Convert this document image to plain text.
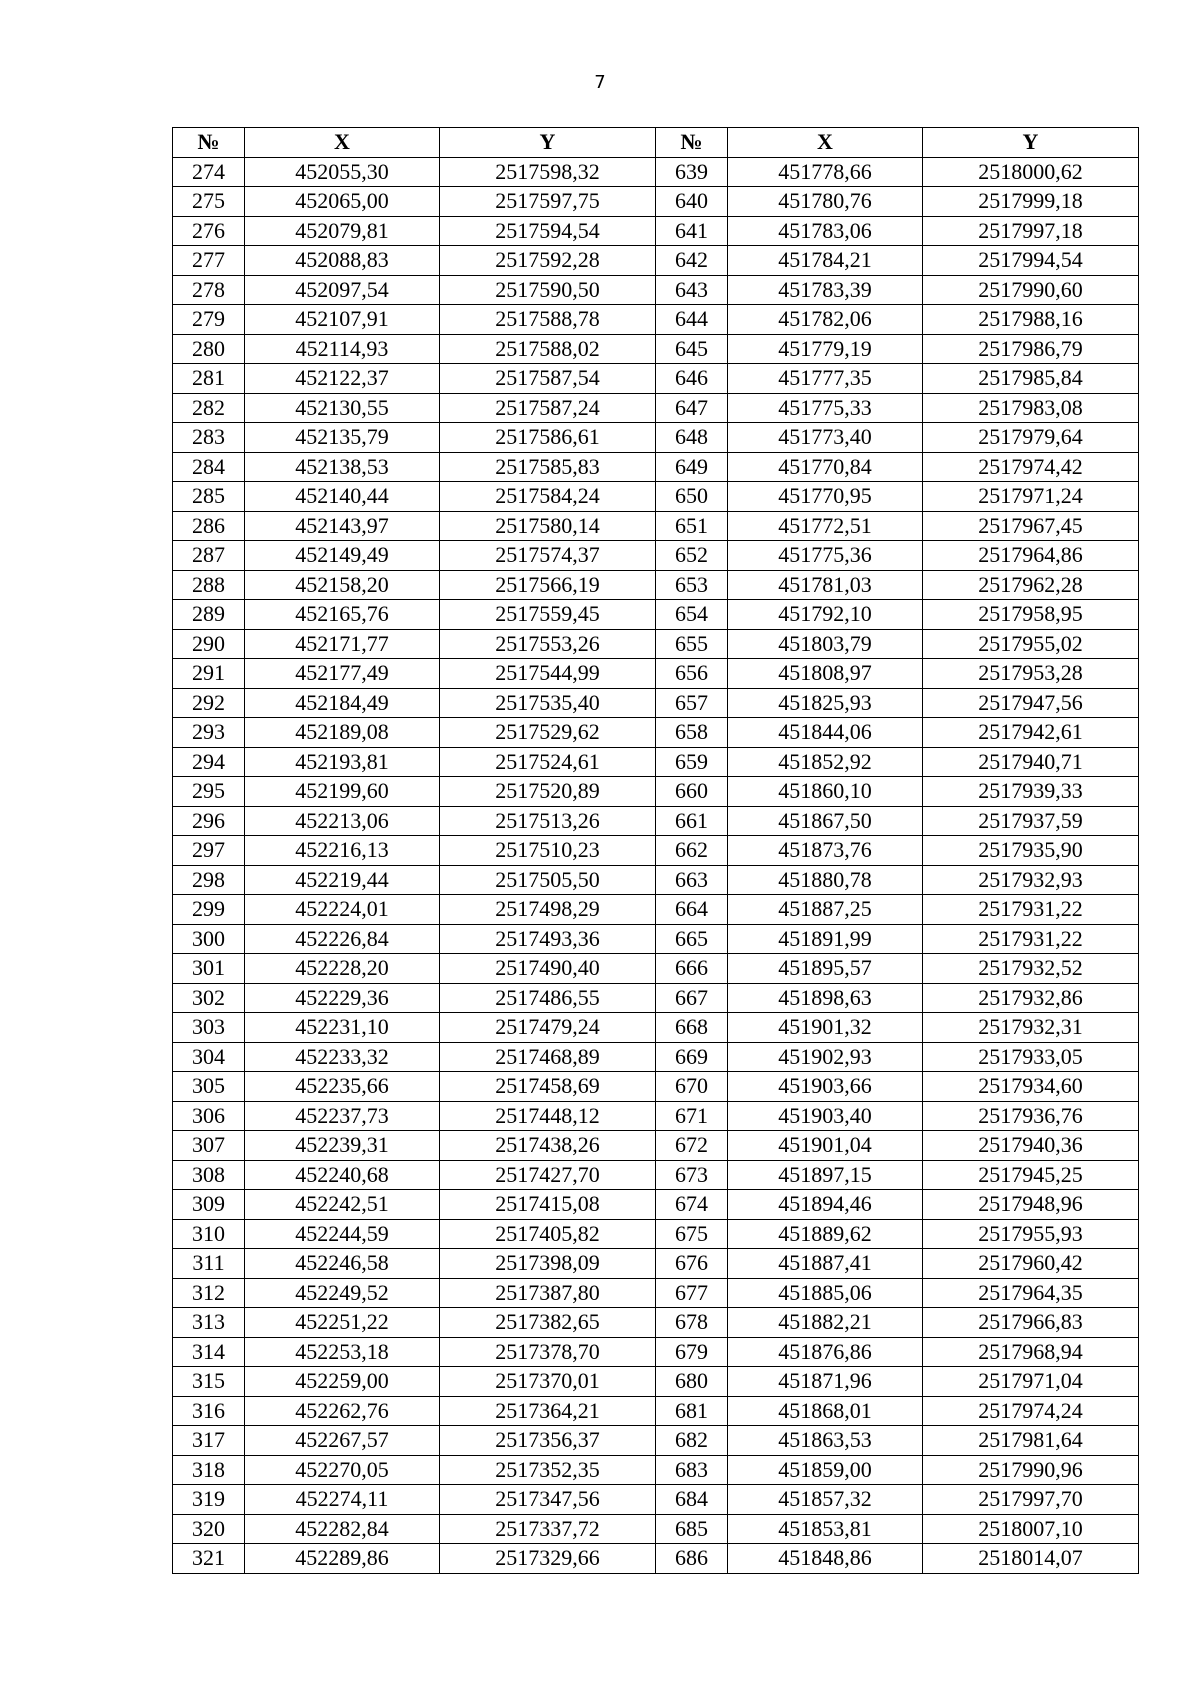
7
№	X	Y	№	X	Y
274	452055,30	2517598,32	639	451778,66	2518000,62
275	452065,00	2517597,75	640	451780,76	2517999,18
276	452079,81	2517594,54	641	451783,06	2517997,18
277	452088,83	2517592,28	642	451784,21	2517994,54
278	452097,54	2517590,50	643	451783,39	2517990,60
279	452107,91	2517588,78	644	451782,06	2517988,16
280	452114,93	2517588,02	645	451779,19	2517986,79
281	452122,37	2517587,54	646	451777,35	2517985,84
282	452130,55	2517587,24	647	451775,33	2517983,08
283	452135,79	2517586,61	648	451773,40	2517979,64
284	452138,53	2517585,83	649	451770,84	2517974,42
285	452140,44	2517584,24	650	451770,95	2517971,24
286	452143,97	2517580,14	651	451772,51	2517967,45
287	452149,49	2517574,37	652	451775,36	2517964,86
288	452158,20	2517566,19	653	451781,03	2517962,28
289	452165,76	2517559,45	654	451792,10	2517958,95
290	452171,77	2517553,26	655	451803,79	2517955,02
291	452177,49	2517544,99	656	451808,97	2517953,28
292	452184,49	2517535,40	657	451825,93	2517947,56
293	452189,08	2517529,62	658	451844,06	2517942,61
294	452193,81	2517524,61	659	451852,92	2517940,71
295	452199,60	2517520,89	660	451860,10	2517939,33
296	452213,06	2517513,26	661	451867,50	2517937,59
297	452216,13	2517510,23	662	451873,76	2517935,90
298	452219,44	2517505,50	663	451880,78	2517932,93
299	452224,01	2517498,29	664	451887,25	2517931,22
300	452226,84	2517493,36	665	451891,99	2517931,22
301	452228,20	2517490,40	666	451895,57	2517932,52
302	452229,36	2517486,55	667	451898,63	2517932,86
303	452231,10	2517479,24	668	451901,32	2517932,31
304	452233,32	2517468,89	669	451902,93	2517933,05
305	452235,66	2517458,69	670	451903,66	2517934,60
306	452237,73	2517448,12	671	451903,40	2517936,76
307	452239,31	2517438,26	672	451901,04	2517940,36
308	452240,68	2517427,70	673	451897,15	2517945,25
309	452242,51	2517415,08	674	451894,46	2517948,96
310	452244,59	2517405,82	675	451889,62	2517955,93
311	452246,58	2517398,09	676	451887,41	2517960,42
312	452249,52	2517387,80	677	451885,06	2517964,35
313	452251,22	2517382,65	678	451882,21	2517966,83
314	452253,18	2517378,70	679	451876,86	2517968,94
315	452259,00	2517370,01	680	451871,96	2517971,04
316	452262,76	2517364,21	681	451868,01	2517974,24
317	452267,57	2517356,37	682	451863,53	2517981,64
318	452270,05	2517352,35	683	451859,00	2517990,96
319	452274,11	2517347,56	684	451857,32	2517997,70
320	452282,84	2517337,72	685	451853,81	2518007,10
321	452289,86	2517329,66	686	451848,86	2518014,07
